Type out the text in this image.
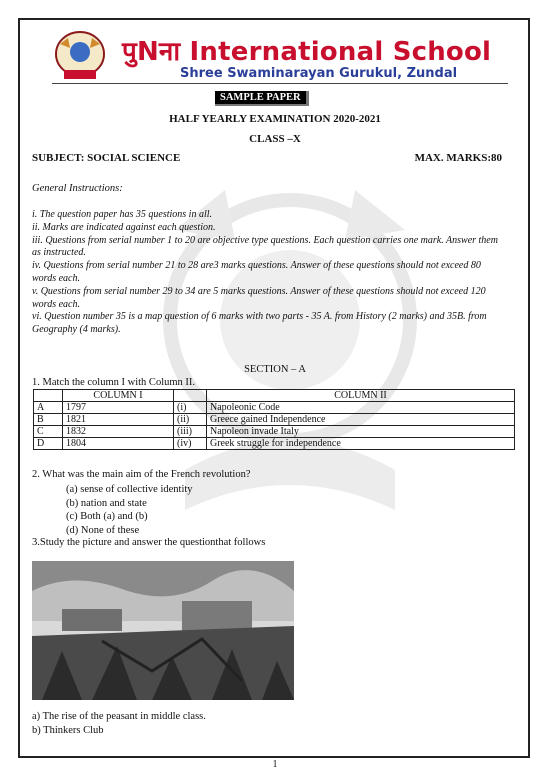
पुNना International School
Shree Swaminarayan Gurukul, Zundal
SAMPLE PAPER
HALF YEARLY EXAMINATION 2020-2021
CLASS –X
SUBJECT: SOCIAL SCIENCE	MAX. MARKS:80
General Instructions:
i. The question paper has 35 questions in all.
ii. Marks are indicated against each question.
iii. Questions from serial number 1 to 20 are objective type questions. Each question carries one mark. Answer them as instructed.
iv. Questions from serial number 21 to 28 are3 marks questions. Answer of these questions should not exceed 80 words each.
v. Questions from serial number 29 to 34 are 5 marks questions. Answer of these questions should not exceed 120 words each.
vi. Question number 35 is a map question of 6 marks with two parts - 35 A. from History (2 marks) and 35B. from Geography (4 marks).
SECTION – A
1. Match the column I with Column II.
	COLUMN I		COLUMN II
A	1797	(i)	Napoleonic Code
B	1821	(ii)	Greece gained Independence
C	1832	(iii)	Napoleon invade Italy
D	1804	(iv)	Greek struggle for independence
2. What was the main aim of the French revolution?
(a) sense of collective identity
(b) nation and state
(c) Both (a) and (b)
(d) None of these
3.Study the picture and answer the questionthat follows
a) The rise of the peasant in middle class.
b) Thinkers Club
1
